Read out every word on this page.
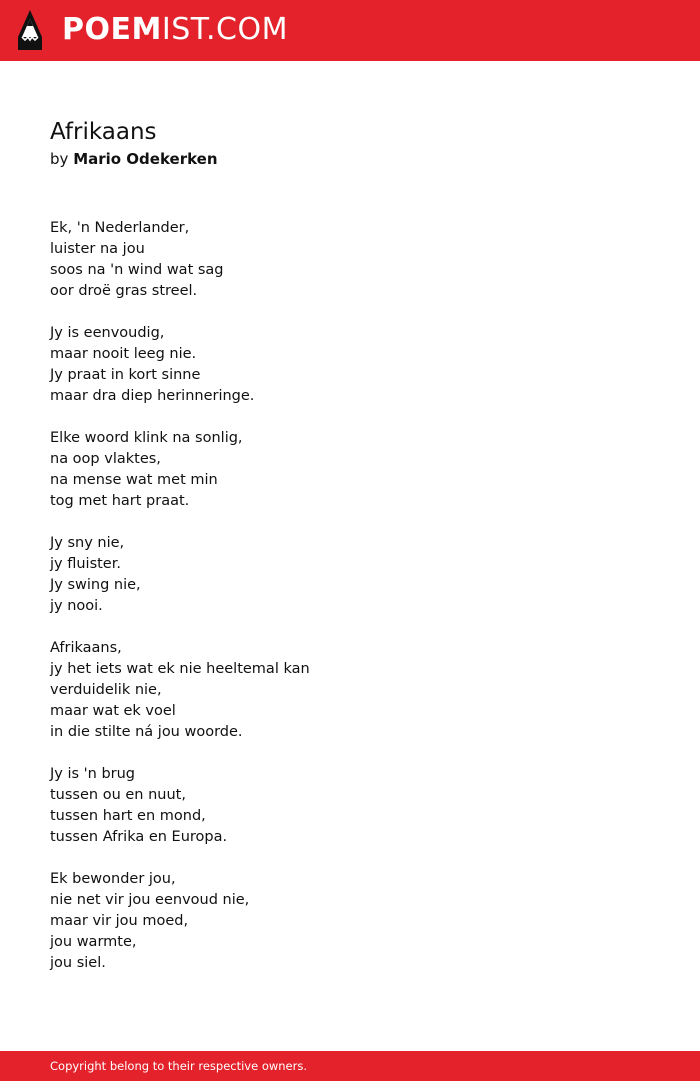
POEMIST.COM
Afrikaans
by Mario Odekerken
Ek, 'n Nederlander,
luister na jou
soos na 'n wind wat sag
oor droë gras streel.
Jy is eenvoudig,
maar nooit leeg nie.
Jy praat in kort sinne
maar dra diep herinneringe.
Elke woord klink na sonlig,
na oop vlaktes,
na mense wat met min
tog met hart praat.
Jy sny nie,
jy fluister.
Jy swing nie,
jy nooi.
Afrikaans,
jy het iets wat ek nie heeltemal kan
verduidelik nie,
maar wat ek voel
in die stilte ná jou woorde.
Jy is 'n brug
tussen ou en nuut,
tussen hart en mond,
tussen Afrika en Europa.
Ek bewonder jou,
nie net vir jou eenvoud nie,
maar vir jou moed,
jou warmte,
jou siel.
Copyright belong to their respective owners.
